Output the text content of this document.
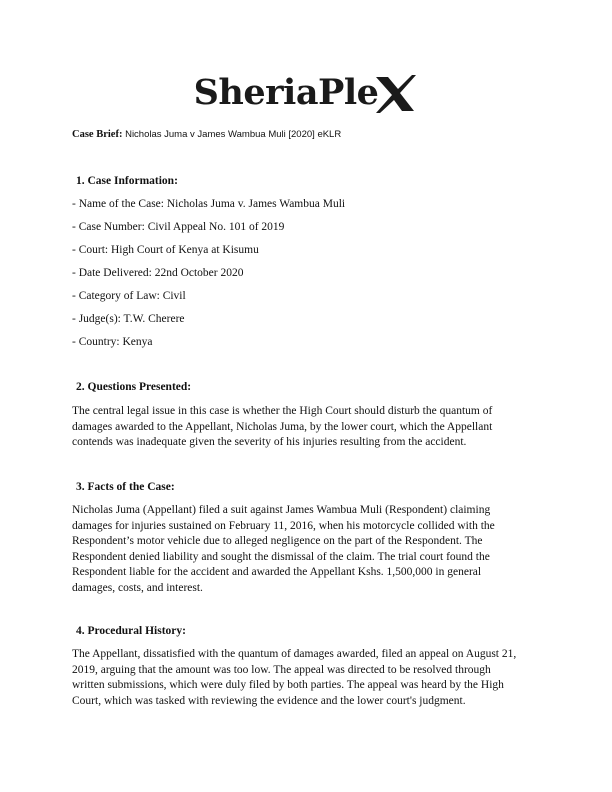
SheriaPle
Case Brief: Nicholas Juma v James Wambua Muli [2020] eKLR
1. Case Information:
- Name of the Case: Nicholas Juma v. James Wambua Muli
- Case Number: Civil Appeal No. 101 of 2019
- Court: High Court of Kenya at Kisumu
- Date Delivered: 22nd October 2020
- Category of Law: Civil
- Judge(s): T.W. Cherere
- Country: Kenya
2. Questions Presented:
The central legal issue in this case is whether the High Court should disturb the quantum of
damages awarded to the Appellant, Nicholas Juma, by the lower court, which the Appellant
contends was inadequate given the severity of his injuries resulting from the accident.
3. Facts of the Case:
Nicholas Juma (Appellant) filed a suit against James Wambua Muli (Respondent) claiming
damages for injuries sustained on February 11, 2016, when his motorcycle collided with the
Respondent’s motor vehicle due to alleged negligence on the part of the Respondent. The
Respondent denied liability and sought the dismissal of the claim. The trial court found the
Respondent liable for the accident and awarded the Appellant Kshs. 1,500,000 in general
damages, costs, and interest.
4. Procedural History:
The Appellant, dissatisfied with the quantum of damages awarded, filed an appeal on August 21,
2019, arguing that the amount was too low. The appeal was directed to be resolved through
written submissions, which were duly filed by both parties. The appeal was heard by the High
Court, which was tasked with reviewing the evidence and the lower court's judgment.
